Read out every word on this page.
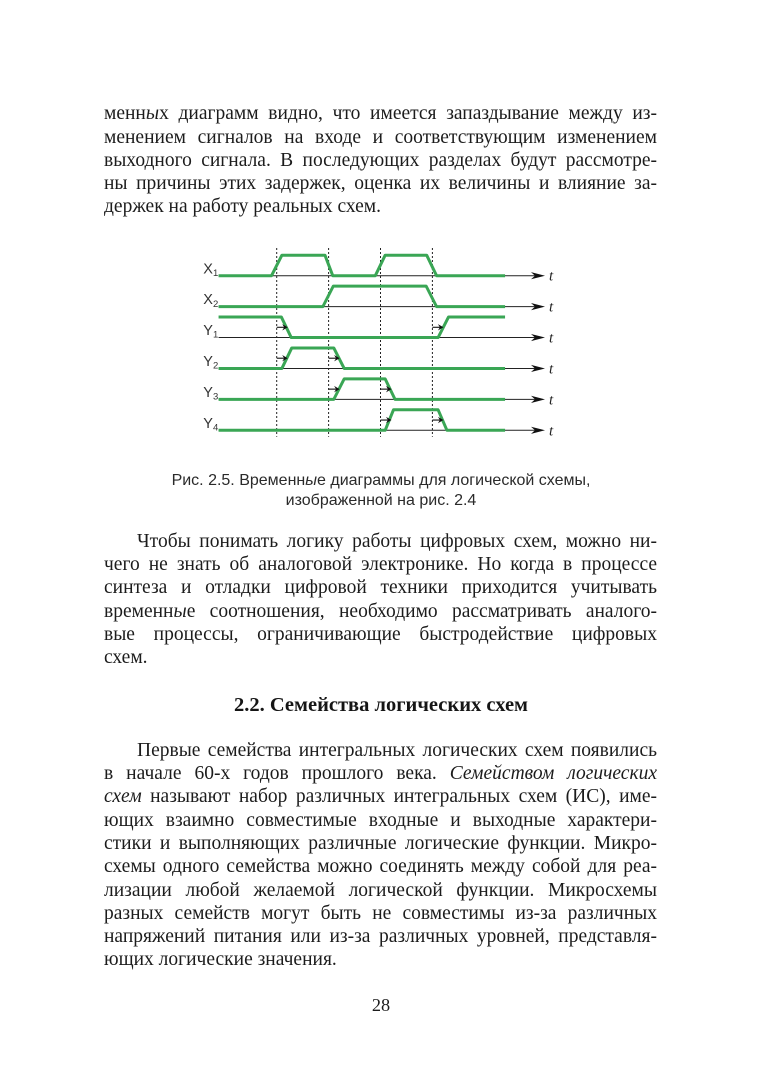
менных диаграмм видно, что имеется запаздывание между из-
менением сигналов на входе и соответствующим изменением
выходного сигнала. В последующих разделах будут рассмотре-
ны причины этих задержек, оценка их величины и влияние за-
держек на работу реальных схем.
t
X1
t
X2
t
Y1
t
Y2
t
Y3
t
Y4
Рис. 2.5. Временные диаграммы для логической схемы,
изображенной на рис. 2.4
Чтобы понимать логику работы цифровых схем, можно ни-
чего не знать об аналоговой электронике. Но когда в процессе
синтеза и отладки цифровой техники приходится учитывать
временные соотношения, необходимо рассматривать аналого-
вые процессы, ограничивающие быстродействие цифровых
схем.
2.2. Семейства логических схем
Первые семейства интегральных логических схем появились
в начале 60-х годов прошлого века. Семейством логических
схем называют набор различных интегральных схем (ИС), име-
ющих взаимно совместимые входные и выходные характери-
стики и выполняющих различные логические функции. Микро-
схемы одного семейства можно соединять между собой для реа-
лизации любой желаемой логической функции. Микросхемы
разных семейств могут быть не совместимы из-за различных
напряжений питания или из-за различных уровней, представля-
ющих логические значения.
28
